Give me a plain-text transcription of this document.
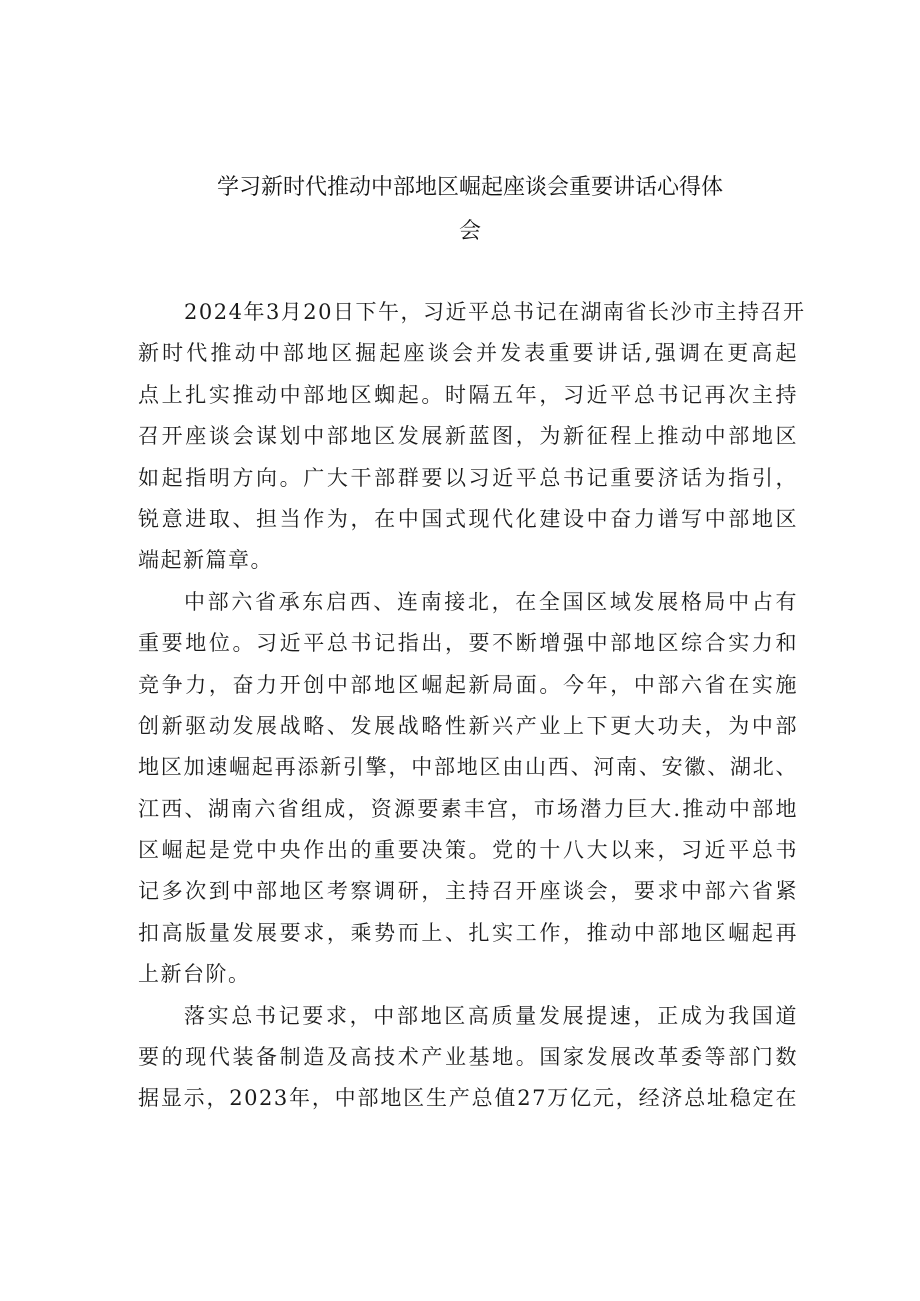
学习新时代推动中部地区崛起座谈会重要讲话心得体
会
2024年3月20日下午，习近平总书记在湖南省长沙市主持召开
新时代推动中部地区掘起座谈会并发表重要讲话,强调在更高起
点上扎实推动中部地区蜘起。时隔五年，习近平总书记再次主持
召开座谈会谋划中部地区发展新蓝图，为新征程上推动中部地区
如起指明方向。广大干部群要以习近平总书记重要济话为指引，
锐意进取、担当作为，在中国式现代化建设中奋力谱写中部地区
端起新篇章。
中部六省承东启西、连南接北，在全国区域发展格局中占有
重要地位。习近平总书记指出，要不断增强中部地区综合实力和
竞争力，奋力开创中部地区崛起新局面。今年，中部六省在实施
创新驱动发展战略、发展战略性新兴产业上下更大功夫，为中部
地区加速崛起再添新引擎，中部地区由山西、河南、安徽、湖北、
江西、湖南六省组成，资源要素丰宫，市场潜力巨大.推动中部地
区崛起是党中央作出的重要决策。党的十八大以来，习近平总书
记多次到中部地区考察调研，主持召开座谈会，要求中部六省紧
扣高版量发展要求，乘势而上、扎实工作，推动中部地区崛起再
上新台阶。
落实总书记要求，中部地区高质量发展提速，正成为我国道
要的现代装备制造及高技术产业基地。国家发展改革委等部门数
据显示，2023年，中部地区生产总值27万亿元，经济总址稳定在
